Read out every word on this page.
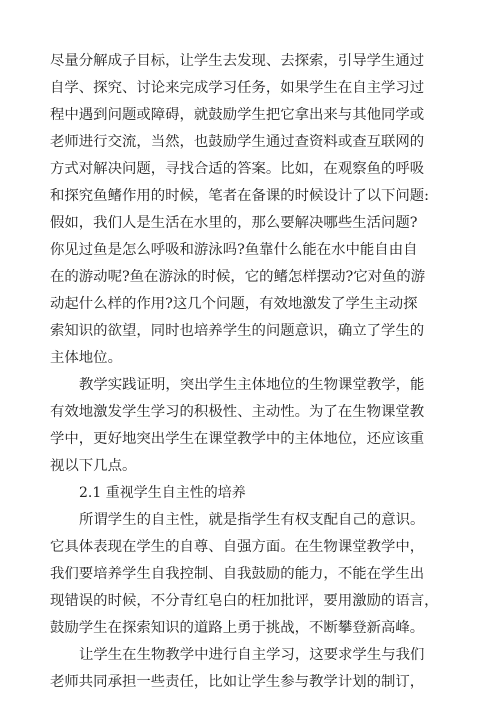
尽量分解成子目标，让学生去发现、去探索，引导学生通过
自学、探究、讨论来完成学习任务，如果学生在自主学习过
程中遇到问题或障碍，就鼓励学生把它拿出来与其他同学或
老师进行交流，当然，也鼓励学生通过查资料或查互联网的
方式对解决问题，寻找合适的答案。比如，在观察鱼的呼吸
和探究鱼鳍作用的时候，笔者在备课的时候设计了以下问题:
假如，我们人是生活在水里的，那么要解决哪些生活问题?
你见过鱼是怎么呼吸和游泳吗?鱼靠什么能在水中能自由自
在的游动呢?鱼在游泳的时候，它的鳍怎样摆动?它对鱼的游
动起什么样的作用?这几个问题，有效地激发了学生主动探
索知识的欲望，同时也培养学生的问题意识，确立了学生的
主体地位。
教学实践证明，突出学生主体地位的生物课堂教学，能
有效地激发学生学习的积极性、主动性。为了在生物课堂教
学中，更好地突出学生在课堂教学中的主体地位，还应该重
视以下几点。
2.1 重视学生自主性的培养
所谓学生的自主性，就是指学生有权支配自己的意识。
它具体表现在学生的自尊、自强方面。在生物课堂教学中，
我们要培养学生自我控制、自我鼓励的能力，不能在学生出
现错误的时候，不分青红皂白的枉加批评，要用激励的语言，
鼓励学生在探索知识的道路上勇于挑战，不断攀登新高峰。
让学生在生物教学中进行自主学习，这要求学生与我们
老师共同承担一些责任，比如让学生参与教学计划的制订，
